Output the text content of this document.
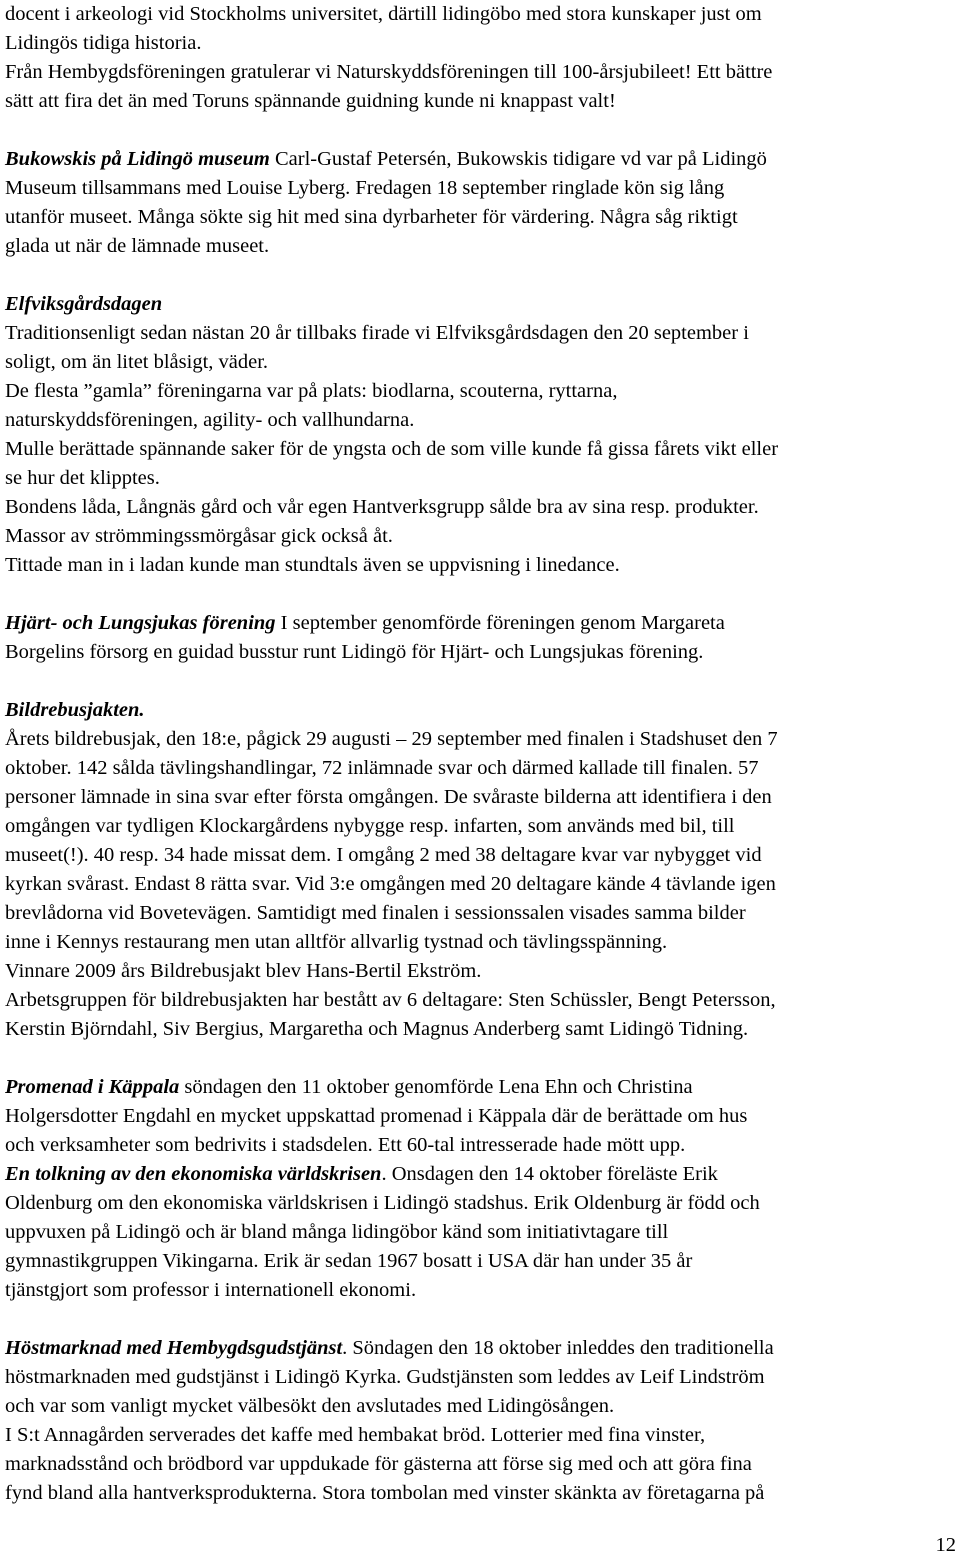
docent i arkeologi vid Stockholms universitet, därtill lidingöbo med stora kunskaper just om
Lidingös tidiga historia.
Från Hembygdsföreningen gratulerar vi Naturskyddsföreningen till 100-årsjubileet! Ett bättre
sätt att fira det än med Toruns spännande guidning kunde ni knappast valt!
Bukowskis på Lidingö museum Carl-Gustaf Petersén, Bukowskis tidigare vd var på Lidingö
Museum tillsammans med Louise Lyberg. Fredagen 18 september ringlade kön sig lång
utanför museet. Många sökte sig hit med sina dyrbarheter för värdering. Några såg riktigt
glada ut när de lämnade museet.
Elfviksgårdsdagen
Traditionsenligt sedan nästan 20 år tillbaks firade vi Elfviksgårdsdagen den 20 september i
soligt, om än litet blåsigt, väder.
De flesta ”gamla” föreningarna var på plats: biodlarna, scouterna, ryttarna,
naturskyddsföreningen, agility- och vallhundarna.
Mulle berättade spännande saker för de yngsta och de som ville kunde få gissa fårets vikt eller
se hur det klipptes.
Bondens låda, Långnäs gård och vår egen Hantverksgrupp sålde bra av sina resp. produkter.
Massor av strömmingssmörgåsar gick också åt.
Tittade man in i ladan kunde man stundtals även se uppvisning i linedance.
Hjärt- och Lungsjukas förening I september genomförde föreningen genom Margareta
Borgelins försorg en guidad busstur runt Lidingö för Hjärt- och Lungsjukas förening.
Bildrebusjakten.
Årets bildrebusjak, den 18:e, pågick 29 augusti – 29 september med finalen i Stadshuset den 7
oktober. 142 sålda tävlingshandlingar, 72 inlämnade svar och därmed kallade till finalen. 57
personer lämnade in sina svar efter första omgången. De svåraste bilderna att identifiera i den
omgången var tydligen Klockargårdens nybygge resp. infarten, som används med bil, till
museet(!). 40 resp. 34 hade missat dem. I omgång 2 med 38 deltagare kvar var nybygget vid
kyrkan svårast. Endast 8 rätta svar. Vid 3:e omgången med 20 deltagare kände 4 tävlande igen
brevlådorna vid Bovetevägen. Samtidigt med finalen i sessionssalen visades samma bilder
inne i Kennys restaurang men utan alltför allvarlig tystnad och tävlingsspänning.
Vinnare 2009 års Bildrebusjakt blev Hans-Bertil Ekström.
Arbetsgruppen för bildrebusjakten har bestått av 6 deltagare: Sten Schüssler, Bengt Petersson,
Kerstin Björndahl, Siv Bergius, Margaretha och Magnus Anderberg samt Lidingö Tidning.
Promenad i Käppala söndagen den 11 oktober genomförde Lena Ehn och Christina
Holgersdotter Engdahl en mycket uppskattad promenad i Käppala där de berättade om hus
och verksamheter som bedrivits i stadsdelen. Ett 60-tal intresserade hade mött upp.
En tolkning av den ekonomiska världskrisen. Onsdagen den 14 oktober föreläste Erik
Oldenburg om den ekonomiska världskrisen i Lidingö stadshus. Erik Oldenburg är född och
uppvuxen på Lidingö och är bland många lidingöbor känd som initiativtagare till
gymnastikgruppen Vikingarna. Erik är sedan 1967 bosatt i USA där han under 35 år
tjänstgjort som professor i internationell ekonomi.
Höstmarknad med Hembygdsgudstjänst. Söndagen den 18 oktober inleddes den traditionella
höstmarknaden med gudstjänst i Lidingö Kyrka. Gudstjänsten som leddes av Leif Lindström
och var som vanligt mycket välbesökt den avslutades med Lidingösången.
I S:t Annagården serverades det kaffe med hembakat bröd. Lotterier med fina vinster,
marknadsstånd och brödbord var uppdukade för gästerna att förse sig med och att göra fina
fynd bland alla hantverksprodukterna. Stora tombolan med vinster skänkta av företagarna på
12
